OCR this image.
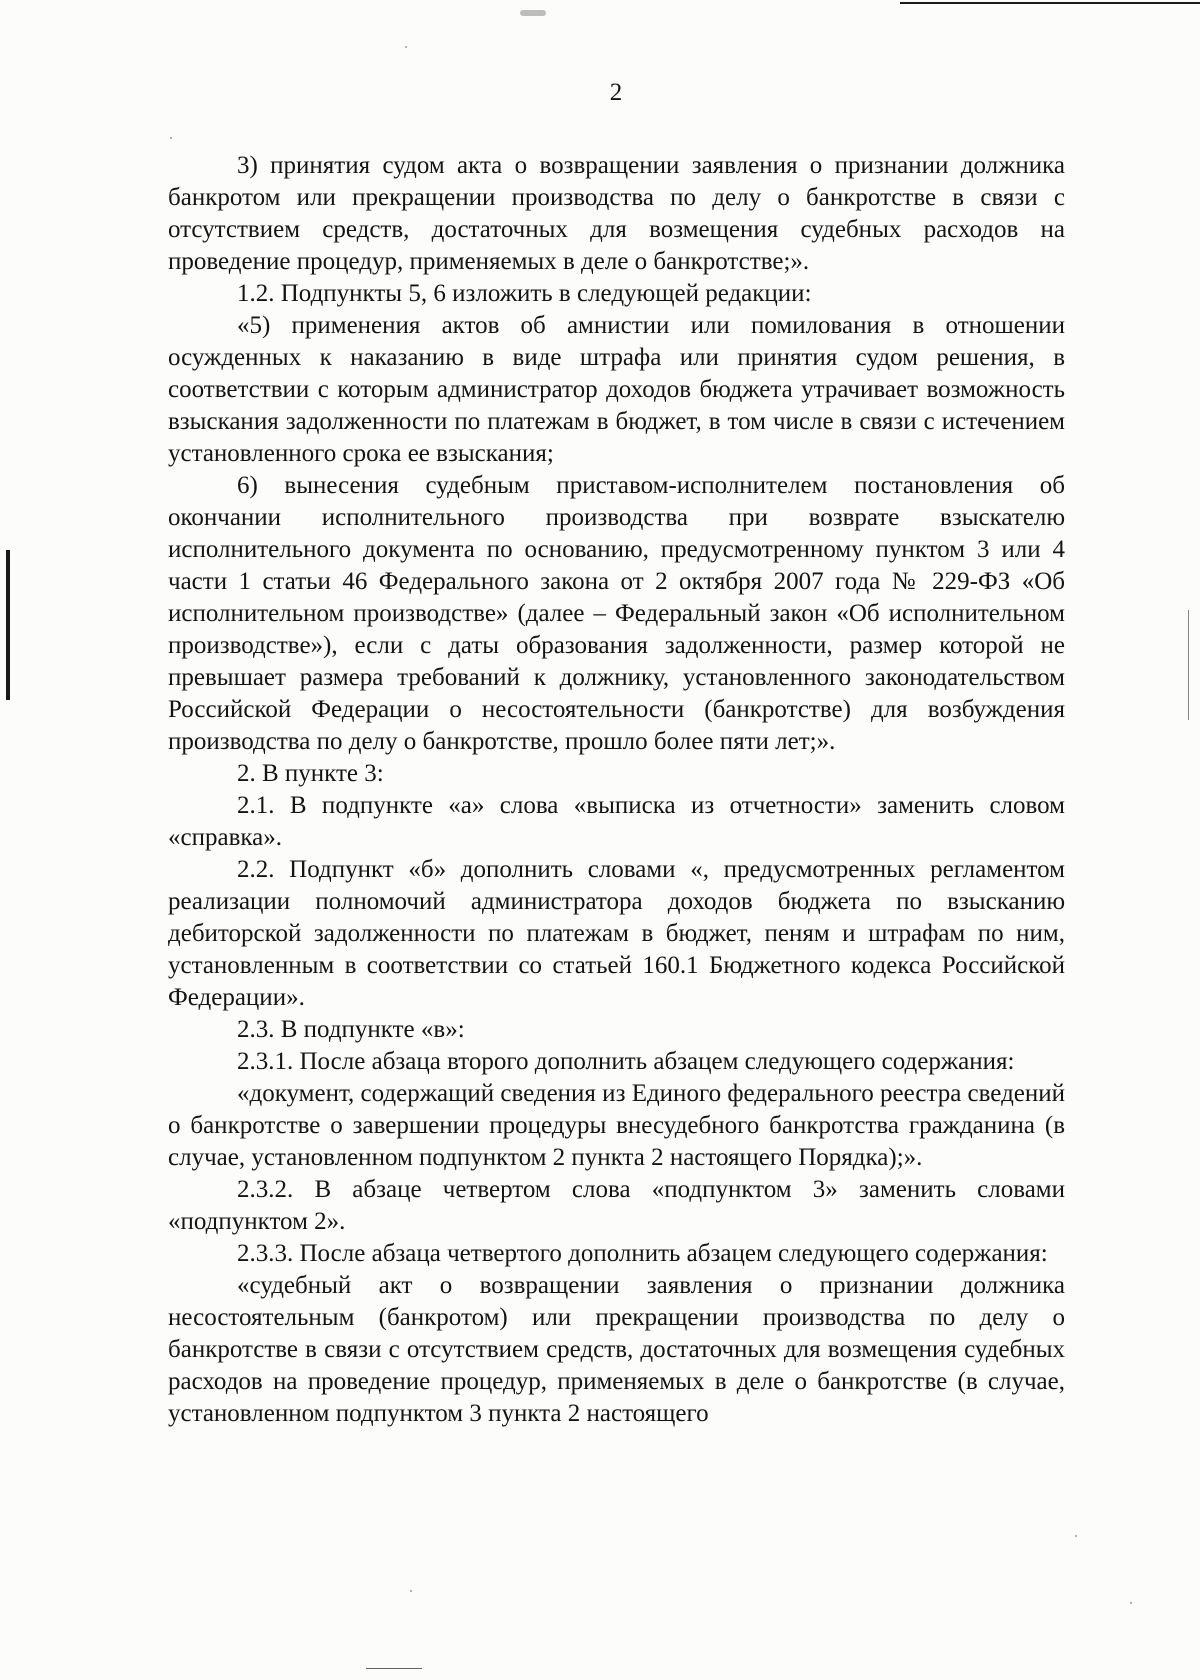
2

3) принятия судом акта о возвращении заявления о признании должника банкротом или прекращении производства по делу о банкротстве в связи с отсутствием средств, достаточных для возмещения судебных расходов на проведение процедур, применяемых в деле о банкротстве;».

1.2. Подпункты 5, 6 изложить в следующей редакции:

«5) применения актов об амнистии или помилования в отношении осужденных к наказанию в виде штрафа или принятия судом решения, в соответствии с которым администратор доходов бюджета утрачивает возможность взыскания задолженности по платежам в бюджет, в том числе в связи с истечением установленного срока ее взыскания;

6) вынесения судебным приставом-исполнителем постановления об окончании исполнительного производства при возврате взыскателю исполнительного документа по основанию, предусмотренному пунктом 3 или 4 части 1 статьи 46 Федерального закона от 2 октября 2007 года № 229-ФЗ «Об исполнительном производстве» (далее – Федеральный закон «Об исполнительном производстве»), если с даты образования задолженности, размер которой не превышает размера требований к должнику, установленного законодательством Российской Федерации о несостоятельности (банкротстве) для возбуждения производства по делу о банкротстве, прошло более пяти лет;».

2. В пункте 3:

2.1. В подпункте «а» слова «выписка из отчетности» заменить словом «справка».

2.2. Подпункт «б» дополнить словами «, предусмотренных регламентом реализации полномочий администратора доходов бюджета по взысканию дебиторской задолженности по платежам в бюджет, пеням и штрафам по ним, установленным в соответствии со статьей 160.1 Бюджетного кодекса Российской Федерации».

2.3. В подпункте «в»:

2.3.1. После абзаца второго дополнить абзацем следующего содержания:

«документ, содержащий сведения из Единого федерального реестра сведений о банкротстве о завершении процедуры внесудебного банкротства гражданина (в случае, установленном подпунктом 2 пункта 2 настоящего Порядка);».

2.3.2. В абзаце четвертом слова «подпунктом 3» заменить словами «подпунктом 2».

2.3.3. После абзаца четвертого дополнить абзацем следующего содержания:

«судебный акт о возвращении заявления о признании должника несостоятельным (банкротом) или прекращении производства по делу о банкротстве в связи с отсутствием средств, достаточных для возмещения судебных расходов на проведение процедур, применяемых в деле о банкротстве (в случае, установленном подпунктом 3 пункта 2 настоящего
